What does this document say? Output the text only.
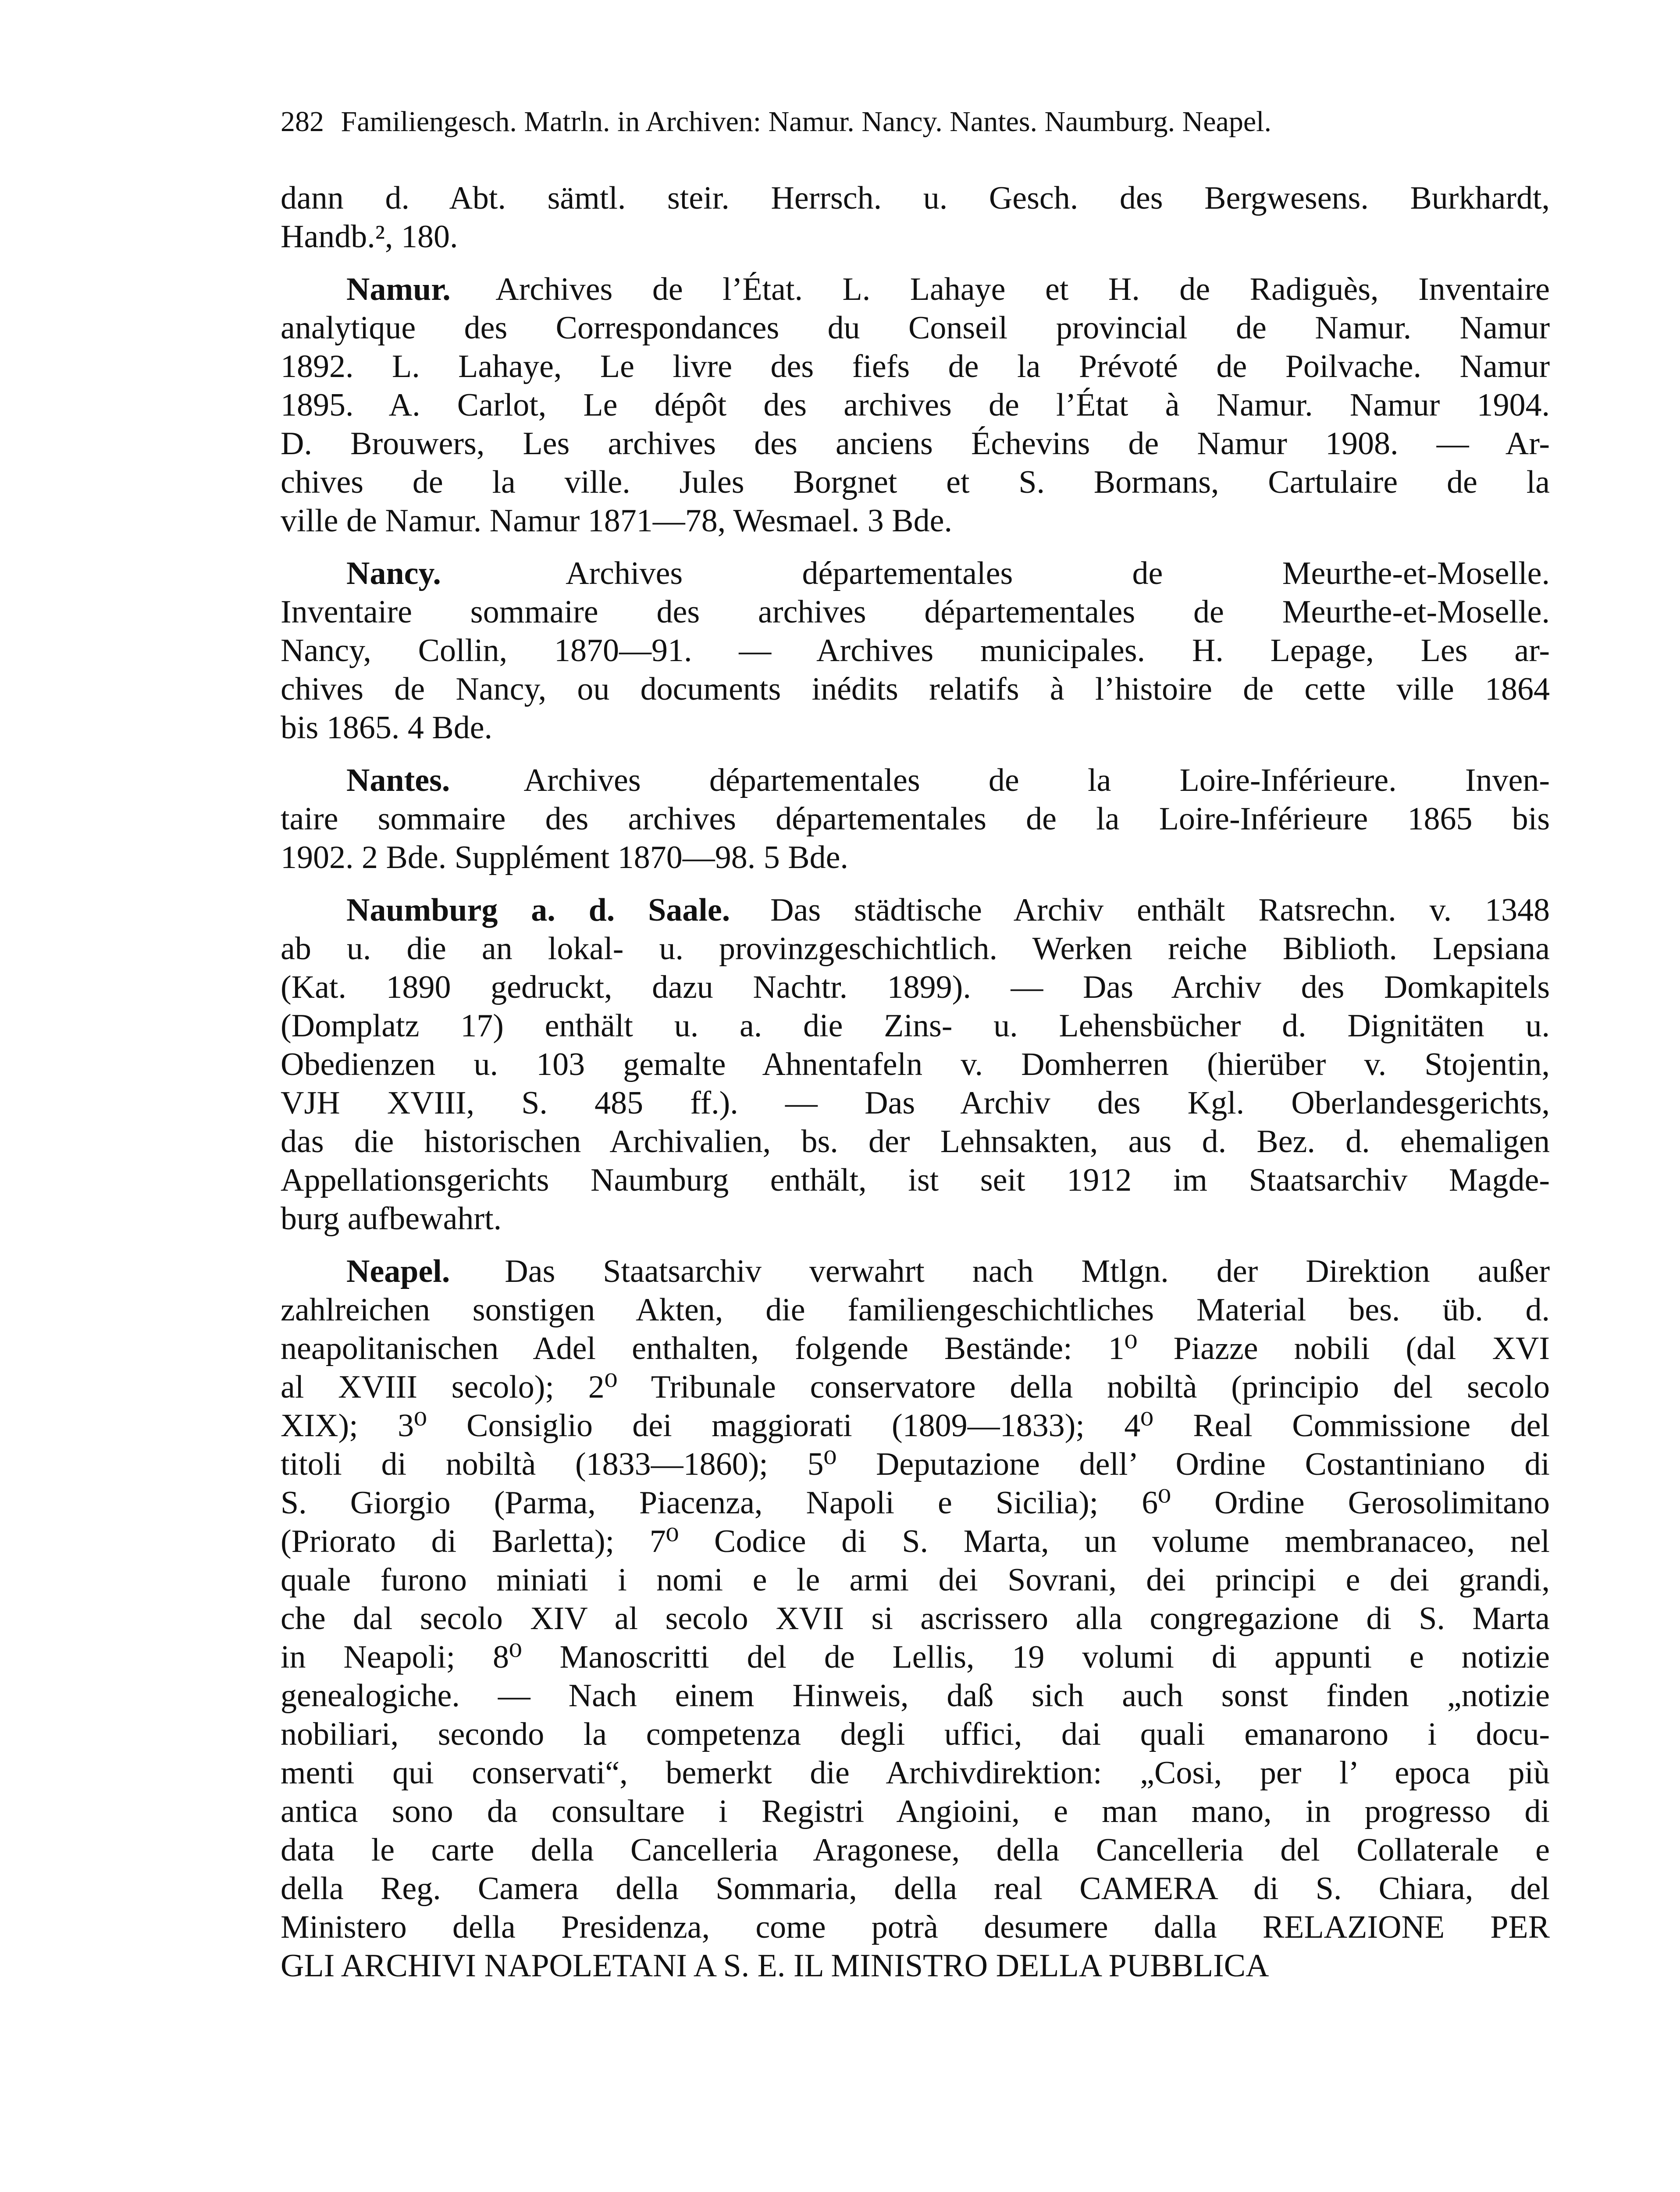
282 Familiengesch. Matrln. in Archiven: Namur. Nancy. Nantes. Naumburg. Neapel.
dann d. Abt. sämtl. steir. Herrsch. u. Gesch. des Bergwesens. Burkhardt,
Handb.², 180.
Namur. Archives de l’État. L. Lahaye et H. de Radiguès, Inventaire
analytique des Correspondances du Conseil provincial de Namur. Namur
1892. L. Lahaye, Le livre des fiefs de la Prévoté de Poilvache. Namur
1895. A. Carlot, Le dépôt des archives de l’État à Namur. Namur 1904.
D. Brouwers, Les archives des anciens Échevins de Namur 1908. — Ar-
chives de la ville. Jules Borgnet et S. Bormans, Cartulaire de la
ville de Namur. Namur 1871—78, Wesmael. 3 Bde.
Nancy.	Archives départementales de Meurthe-et-Moselle.
Inventaire sommaire des archives départementales de Meurthe-et-Moselle.
Nancy, Collin, 1870—91. — Archives municipales. H. Lepage, Les ar-
chives de Nancy, ou documents inédits relatifs à l’histoire de cette ville 1864
bis 1865. 4 Bde.
Nantes. Archives départementales de la Loire-Inférieure. Inven-
taire sommaire des archives départementales de la Loire-Inférieure 1865 bis
1902. 2 Bde. Supplément 1870—98. 5 Bde.
Naumburg a. d. Saale. Das städtische Archiv enthält Ratsrechn. v. 1348
ab u. die an lokal- u. provinzgeschichtlich. Werken reiche Biblioth. Lepsiana
(Kat. 1890 gedruckt, dazu Nachtr. 1899). — Das Archiv des Domkapitels
(Domplatz 17) enthält u. a. die Zins- u. Lehensbücher d. Dignitäten u.
Obedienzen u. 103 gemalte Ahnentafeln v. Domherren (hierüber v. Stojentin,
VJH XVIII, S. 485 ff.). — Das Archiv des Kgl. Oberlandesgerichts,
das die historischen Archivalien, bs. der Lehnsakten, aus d. Bez. d. ehemaligen
Appellationsgerichts Naumburg enthält, ist seit 1912 im Staatsarchiv Magde-
burg aufbewahrt.
Neapel. Das Staatsarchiv verwahrt nach Mtlgn. der Direktion außer
zahlreichen sonstigen Akten, die familiengeschichtliches Material bes. üb. d.
neapolitanischen Adel enthalten, folgende Bestände: 1⁰ Piazze nobili (dal XVI
al XVIII secolo); 2⁰ Tribunale conservatore della nobiltà (principio del secolo
XIX); 3⁰ Consiglio dei maggiorati (1809—1833); 4⁰ Real Commissione del
titoli di nobiltà (1833—1860); 5⁰ Deputazione dell’ Ordine Costantiniano di
S. Giorgio (Parma, Piacenza, Napoli e Sicilia); 6⁰ Ordine Gerosolimitano
(Priorato di Barletta); 7⁰ Codice di S. Marta, un volume membranaceo, nel
quale furono miniati i nomi e le armi dei Sovrani, dei principi e dei grandi,
che dal secolo XIV al secolo XVII si ascrissero alla congregazione di S. Marta
in Neapoli; 8⁰ Manoscritti del de Lellis, 19 volumi di appunti e notizie
genealogiche. — Nach einem Hinweis, daß sich auch sonst finden „notizie
nobiliari, secondo la competenza degli uffici, dai quali emanarono i docu-
menti qui conservati“, bemerkt die Archivdirektion: „Cosi, per l’ epoca più
antica sono da consultare i Registri Angioini, e man mano, in progresso di
data le carte della Cancelleria Aragonese, della Cancelleria del Collaterale e
della Reg. Camera della Sommaria, della real CAMERA di S. Chiara, del
Ministero della Presidenza, come potrà desumere dalla RELAZIONE PER
GLI ARCHIVI NAPOLETANI A S. E. IL MINISTRO DELLA PUBBLICA
